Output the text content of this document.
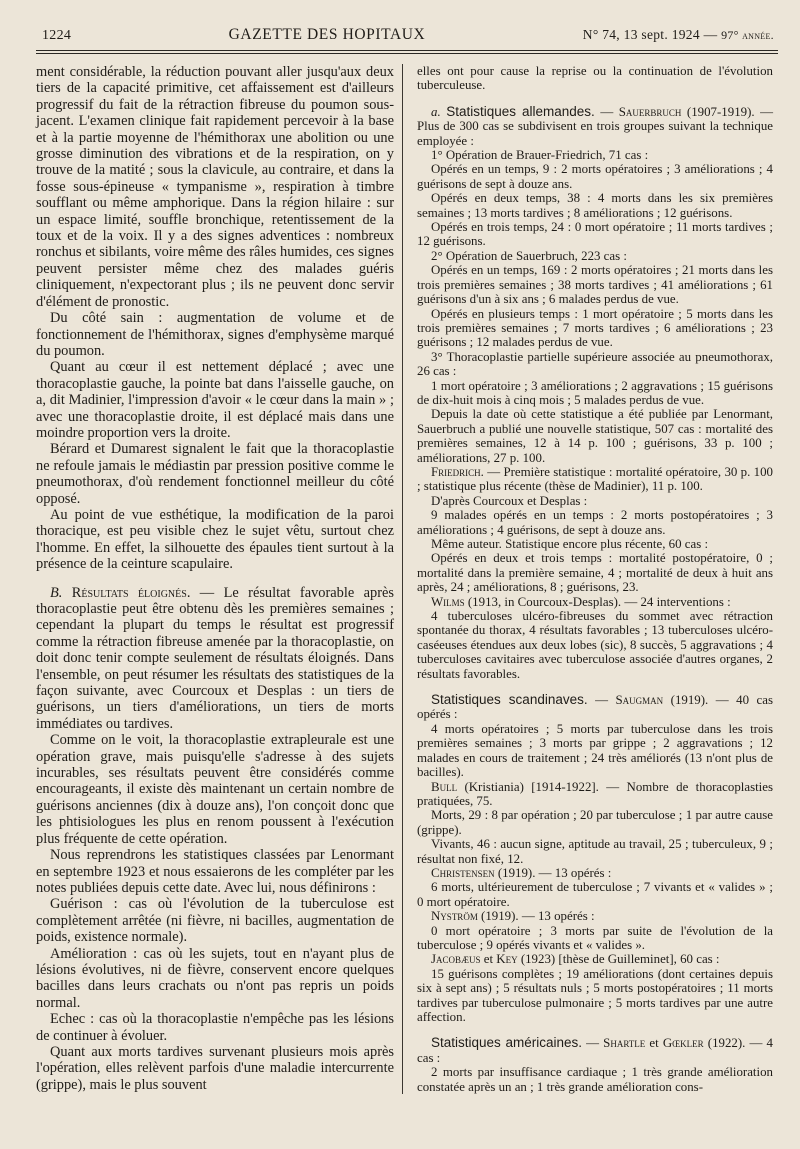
1224	GAZETTE DES HOPITAUX	N° 74, 13 sept. 1924 — 97° année.

ment considérable, la réduction pouvant aller jusqu'aux deux tiers de la capacité primitive, cet affaissement est d'ailleurs progressif du fait de la rétraction fibreuse du poumon sous-jacent. L'examen clinique fait rapidement percevoir à la base et à la partie moyenne de l'hémithorax une abolition ou une grosse diminution des vibrations et de la respiration, on y trouve de la matité ; sous la clavicule, au contraire, et dans la fosse sous-épineuse « tympanisme », respiration à timbre soufflant ou même amphorique. Dans la région hilaire : sur un espace limité, souffle bronchique, retentissement de la toux et de la voix. Il y a des signes adventices : nombreux ronchus et sibilants, voire même des râles humides, ces signes peuvent persister même chez des malades guéris cliniquement, n'expectorant plus ; ils ne peuvent donc servir d'élément de pronostic.

Du côté sain : augmentation de volume et de fonctionnement de l'hémithorax, signes d'emphysème marqué du poumon.

Quant au cœur il est nettement déplacé ; avec une thoracoplastie gauche, la pointe bat dans l'aisselle gauche, on a, dit Madinier, l'impression d'avoir « le cœur dans la main » ; avec une thoracoplastie droite, il est déplacé mais dans une moindre proportion vers la droite.

Bérard et Dumarest signalent le fait que la thoracoplastie ne refoule jamais le médiastin par pression positive comme le pneumothorax, d'où rendement fonctionnel meilleur du côté opposé.

Au point de vue esthétique, la modification de la paroi thoracique, est peu visible chez le sujet vêtu, surtout chez l'homme. En effet, la silhouette des épaules tient surtout à la présence de la ceinture scapulaire.

B. Résultats éloignés. — Le résultat favorable après thoracoplastie peut être obtenu dès les premières semaines ; cependant la plupart du temps le résultat est progressif comme la rétraction fibreuse amenée par la thoracoplastie, on doit donc tenir compte seulement de résultats éloignés. Dans l'ensemble, on peut résumer les résultats des statistiques de la façon suivante, avec Courcoux et Desplas : un tiers de guérisons, un tiers d'améliorations, un tiers de morts immédiates ou tardives.

Comme on le voit, la thoracoplastie extrapleurale est une opération grave, mais puisqu'elle s'adresse à des sujets incurables, ses résultats peuvent être considérés comme encourageants, il existe dès maintenant un certain nombre de guérisons anciennes (dix à douze ans), l'on conçoit donc que les phtisiologues les plus en renom poussent à l'exécution plus fréquente de cette opération.

Nous reprendrons les statistiques classées par Lenormant en septembre 1923 et nous essaierons de les compléter par les notes publiées depuis cette date. Avec lui, nous définirons :

Guérison : cas où l'évolution de la tuberculose est complètement arrêtée (ni fièvre, ni bacilles, augmentation de poids, existence normale).

Amélioration : cas où les sujets, tout en n'ayant plus de lésions évolutives, ni de fièvre, conservent encore quelques bacilles dans leurs crachats ou n'ont pas repris un poids normal.

Echec : cas où la thoracoplastie n'empêche pas les lésions de continuer à évoluer.

Quant aux morts tardives survenant plusieurs mois après l'opération, elles relèvent parfois d'une maladie intercurrente (grippe), mais le plus souvent

elles ont pour cause la reprise ou la continuation de l'évolution tuberculeuse.

a. Statistiques allemandes. — Sauerbruch (1907-1919). — Plus de 300 cas se subdivisent en trois groupes suivant la technique employée :

1° Opération de Brauer-Friedrich, 71 cas :

Opérés en un temps, 9 : 2 morts opératoires ; 3 améliorations ; 4 guérisons de sept à douze ans.

Opérés en deux temps, 38 : 4 morts dans les six premières semaines ; 13 morts tardives ; 8 améliorations ; 12 guérisons.

Opérés en trois temps, 24 : 0 mort opératoire ; 11 morts tardives ; 12 guérisons.

2° Opération de Sauerbruch, 223 cas :

Opérés en un temps, 169 : 2 morts opératoires ; 21 morts dans les trois premières semaines ; 38 morts tardives ; 41 améliorations ; 61 guérisons d'un à six ans ; 6 malades perdus de vue.

Opérés en plusieurs temps : 1 mort opératoire ; 5 morts dans les trois premières semaines ; 7 morts tardives ; 6 améliorations ; 23 guérisons ; 12 malades perdus de vue.

3° Thoracoplastie partielle supérieure associée au pneumothorax, 26 cas :

1 mort opératoire ; 3 améliorations ; 2 aggravations ; 15 guérisons de dix-huit mois à cinq mois ; 5 malades perdus de vue.

Depuis la date où cette statistique a été publiée par Lenormant, Sauerbruch a publié une nouvelle statistique, 507 cas : mortalité des premières semaines, 12 à 14 p. 100 ; guérisons, 33 p. 100 ; améliorations, 27 p. 100.

Friedrich. — Première statistique : mortalité opératoire, 30 p. 100 ; statistique plus récente (thèse de Madinier), 11 p. 100.

D'après Courcoux et Desplas :

9 malades opérés en un temps : 2 morts postopératoires ; 3 améliorations ; 4 guérisons, de sept à douze ans.

Même auteur. Statistique encore plus récente, 60 cas :

Opérés en deux et trois temps : mortalité postopératoire, 0 ; mortalité dans la première semaine, 4 ; mortalité de deux à huit ans après, 24 ; améliorations, 8 ; guérisons, 23.

Wilms (1913, in Courcoux-Desplas). — 24 interventions :

4 tuberculoses ulcéro-fibreuses du sommet avec rétraction spontanée du thorax, 4 résultats favorables ; 13 tuberculoses ulcéro-caséeuses étendues aux deux lobes (sic), 8 succès, 5 aggravations ; 4 tuberculoses cavitaires avec tuberculose associée d'autres organes, 2 résultats favorables.

Statistiques scandinaves. — Saugman (1919). — 40 cas opérés :

4 morts opératoires ; 5 morts par tuberculose dans les trois premières semaines ; 3 morts par grippe ; 2 aggravations ; 12 malades en cours de traitement ; 24 très améliorés (13 n'ont plus de bacilles).

Bull (Kristiania) [1914-1922]. — Nombre de thoracoplasties pratiquées, 75.

Morts, 29 : 8 par opération ; 20 par tuberculose ; 1 par autre cause (grippe).

Vivants, 46 : aucun signe, aptitude au travail, 25 ; tuberculeux, 9 ; résultat non fixé, 12.

Christensen (1919). — 13 opérés :

6 morts, ultérieurement de tuberculose ; 7 vivants et « valides » ; 0 mort opératoire.

Nyström (1919). — 13 opérés :

0 mort opératoire ; 3 morts par suite de l'évolution de la tuberculose ; 9 opérés vivants et « valides ».

Jacobæus et Key (1923) [thèse de Guilleminet], 60 cas :

15 guérisons complètes ; 19 améliorations (dont certaines depuis six à sept ans) ; 5 résultats nuls ; 5 morts postopératoires ; 11 morts tardives par tuberculose pulmonaire ; 5 morts tardives par une autre affection.

Statistiques américaines. — Shartle et Gœkler (1922). — 4 cas :

2 morts par insuffisance cardiaque ; 1 très grande amélioration constatée après un an ; 1 très grande amélioration cons-
